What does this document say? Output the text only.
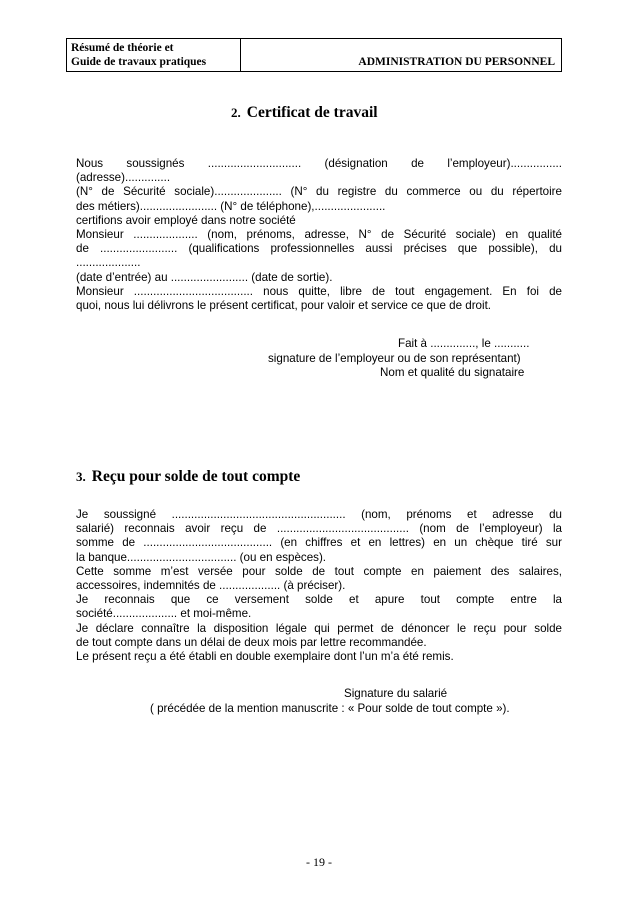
Résumé de théorie et
Guide de travaux pratiques	ADMINISTRATION DU PERSONNEL
2. Certificat de travail
Nous soussignés ............................. (désignation de l’employeur)................
(adresse)..............
(N° de Sécurité sociale)..................... (N° du registre du commerce ou du répertoire
des métiers)........................ (N° de téléphone),......................
certifions avoir employé dans notre société
Monsieur .................... (nom, prénoms, adresse, N° de Sécurité sociale) en qualité
de ........................ (qualifications professionnelles aussi précises que possible), du
....................
(date d’entrée) au ........................ (date de sortie).
Monsieur ..................................... nous quitte, libre de tout engagement. En foi de
quoi, nous lui délivrons le présent certificat, pour valoir et service ce que de droit.

Fait à .............., le ...........

signature de l’employeur ou de son représentant)

Nom et qualité du signataire

3. Reçu pour solde de tout compte
Je soussigné ...................................................... (nom, prénoms et adresse du
salarié) reconnais avoir reçu de ......................................... (nom de l’employeur) la
somme de ........................................ (en chiffres et en lettres) en un chèque tiré sur
la banque.................................. (ou en espèces).
Cette somme m’est versée pour solde de tout compte en paiement des salaires,
accessoires, indemnités de ................... (à préciser).
Je reconnais que ce versement solde et apure tout compte entre la
société.................... et moi-même.
Je déclare connaître la disposition légale qui permet de dénoncer le reçu pour solde
de tout compte dans un délai de deux mois par lettre recommandée.
Le présent reçu a été établi en double exemplaire dont l’un m’a été remis.

Signature du salarié

( précédée de la mention manuscrite : « Pour solde de tout compte »).

- 19 -
